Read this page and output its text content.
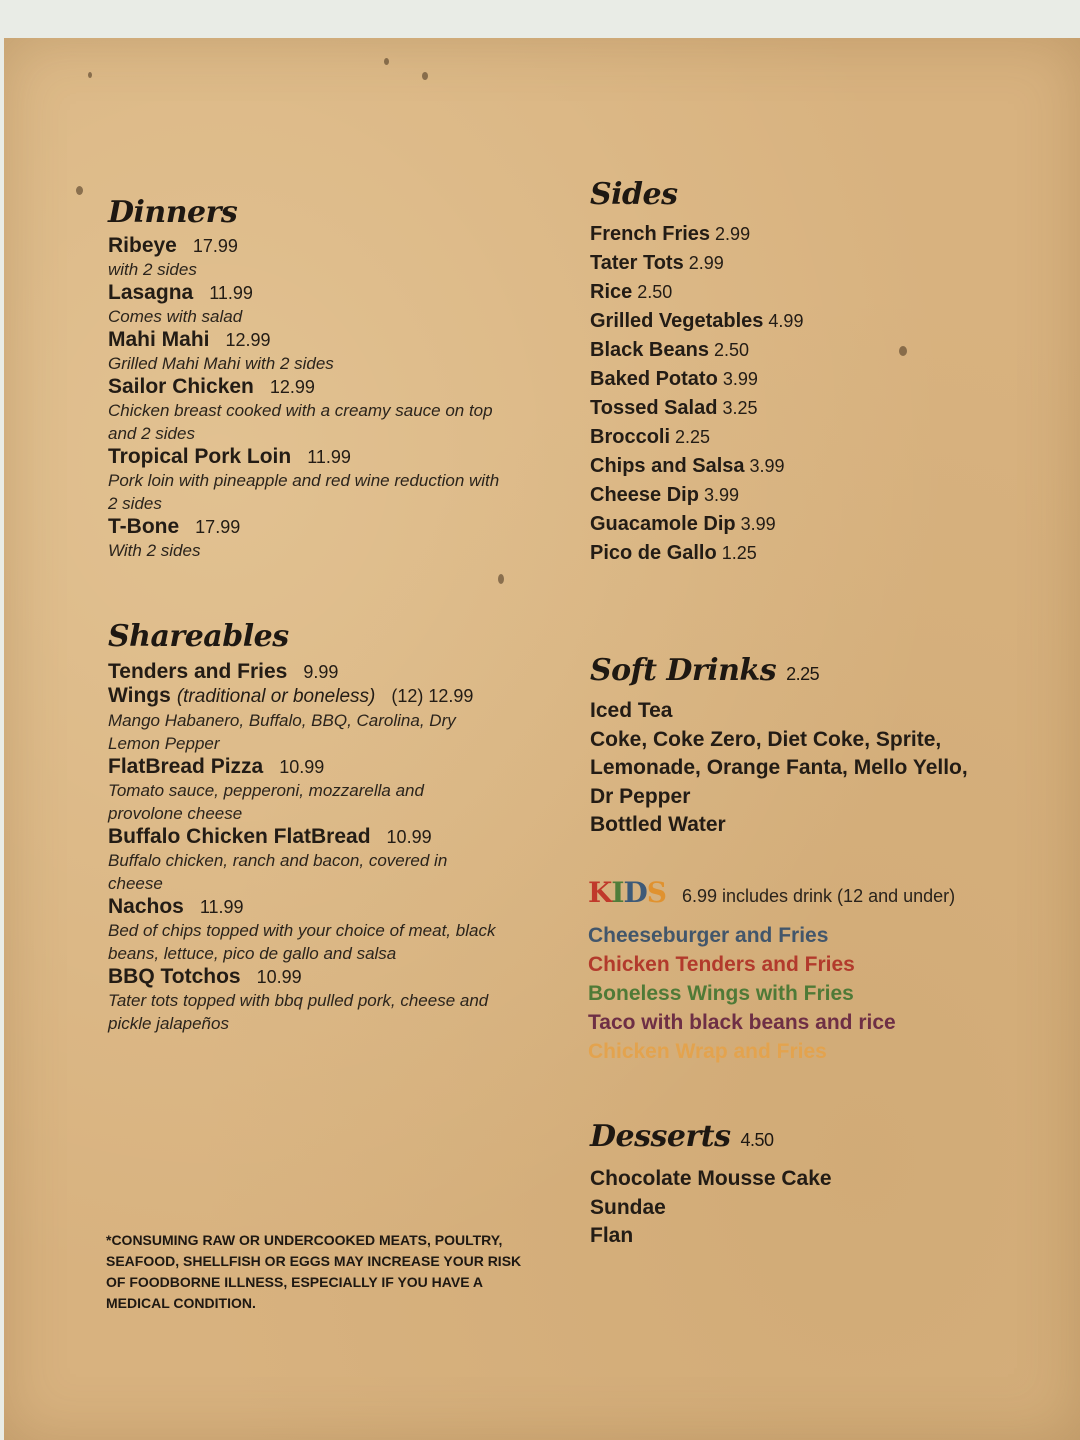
Dinners
Ribeye 17.99
with 2 sides
Lasagna 11.99
Comes with salad
Mahi Mahi 12.99
Grilled Mahi Mahi with 2 sides
Sailor Chicken 12.99
Chicken breast cooked with a creamy sauce on top
and 2 sides
Tropical Pork Loin 11.99
Pork loin with pineapple and red wine reduction with
2 sides
T-Bone 17.99
With 2 sides
Shareables
Tenders and Fries 9.99
Wings (traditional or boneless) (12) 12.99
Mango Habanero, Buffalo, BBQ, Carolina, Dry
Lemon Pepper
FlatBread Pizza 10.99
Tomato sauce, pepperoni, mozzarella and
provolone cheese
Buffalo Chicken FlatBread 10.99
Buffalo chicken, ranch and bacon, covered in
cheese
Nachos 11.99
Bed of chips topped with your choice of meat, black
beans, lettuce, pico de gallo and salsa
BBQ Totchos 10.99
Tater tots topped with bbq pulled pork, cheese and
pickle jalapeños
*CONSUMING RAW OR UNDERCOOKED MEATS, POULTRY,
SEAFOOD, SHELLFISH OR EGGS MAY INCREASE YOUR RISK
OF FOODBORNE ILLNESS, ESPECIALLY IF YOU HAVE A
MEDICAL CONDITION.
Sides
French Fries 2.99
Tater Tots 2.99
Rice 2.50
Grilled Vegetables 4.99
Black Beans 2.50
Baked Potato 3.99
Tossed Salad 3.25
Broccoli 2.25
Chips and Salsa 3.99
Cheese Dip 3.99
Guacamole Dip 3.99
Pico de Gallo 1.25
Soft Drinks 2.25
Iced Tea
Coke, Coke Zero, Diet Coke, Sprite,
Lemonade, Orange Fanta, Mello Yello,
Dr Pepper
Bottled Water
KIDS 6.99 includes drink (12 and under)
Cheeseburger and Fries
Chicken Tenders and Fries
Boneless Wings with Fries
Taco with black beans and rice
Chicken Wrap and Fries
Desserts 4.50
Chocolate Mousse Cake
Sundae
Flan
